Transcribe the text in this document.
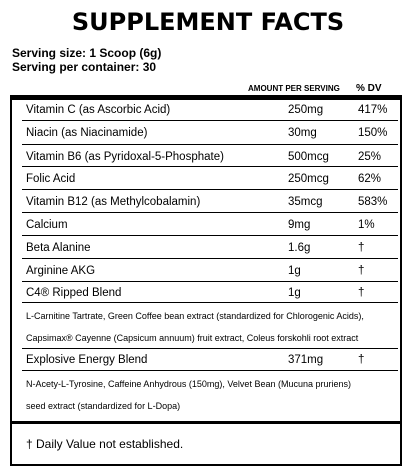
SUPPLEMENT FACTS
Serving size: 1 Scoop (6g)
Serving per container: 30
AMOUNT PER SERVING % DV
Vitamin C (as Ascorbic Acid)	250mg	417%
Niacin (as Niacinamide)	30mg	150%
Vitamin B6 (as Pyridoxal-5-Phosphate)	500mcg	25%
Folic Acid	250mcg	62%
Vitamin B12 (as Methylcobalamin)	35mcg	583%
Calcium	9mg	1%
Beta Alanine	1.6g	†
Arginine AKG	1g	†
C4® Ripped Blend	1g	†
L-Carnitine Tartrate, Green Coffee bean extract (standardized for Chlorogenic Acids),
Capsimax® Cayenne (Capsicum annuum) fruit extract, Coleus forskohli root extract
Explosive Energy Blend	371mg	†
N-Acety-L-Tyrosine, Caffeine Anhydrous (150mg), Velvet Bean (Mucuna pruriens)
seed extract (standardized for L-Dopa)
† Daily Value not established.
